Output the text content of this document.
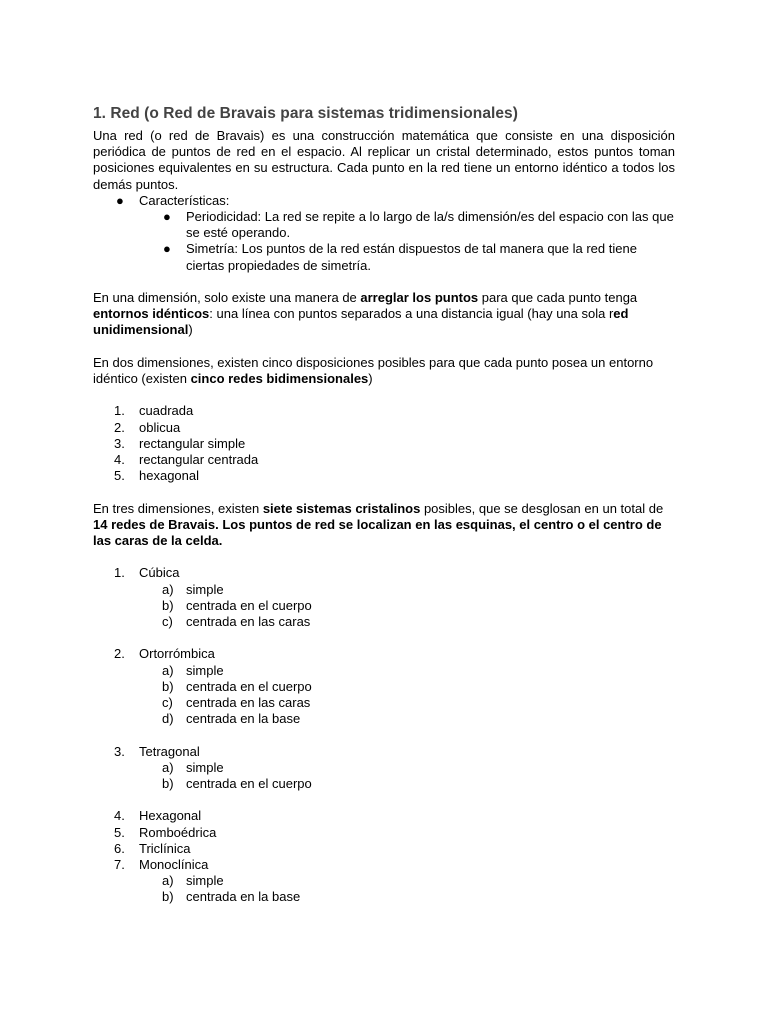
1. Red (o Red de Bravais para sistemas tridimensionales)

Una red (o red de Bravais) es una construcción matemática que consiste en una disposición periódica de puntos de red en el espacio. Al replicar un cristal determinado, estos puntos toman posiciones equivalentes en su estructura. Cada punto en la red tiene un entorno idéntico a todos los demás puntos.

● Características:
● Periodicidad: La red se repite a lo largo de la/s dimensión/es del espacio con las que se esté operando.
● Simetría: Los puntos de la red están dispuestos de tal manera que la red tiene ciertas propiedades de simetría.

En una dimensión, solo existe una manera de arreglar los puntos para que cada punto tenga entornos idénticos: una línea con puntos separados a una distancia igual (hay una sola red unidimensional)

En dos dimensiones, existen cinco disposiciones posibles para que cada punto posea un entorno idéntico (existen cinco redes bidimensionales)

1. cuadrada
2. oblicua
3. rectangular simple
4. rectangular centrada
5. hexagonal

En tres dimensiones, existen siete sistemas cristalinos posibles, que se desglosan en un total de 14 redes de Bravais. Los puntos de red se localizan en las esquinas, el centro o el centro de las caras de la celda.

1. Cúbica
a) simple
b) centrada en el cuerpo
c) centrada en las caras
2. Ortorrómbica
a) simple
b) centrada en el cuerpo
c) centrada en las caras
d) centrada en la base
3. Tetragonal
a) simple
b) centrada en el cuerpo
4. Hexagonal
5. Romboédrica
6. Triclínica
7. Monoclínica
a) simple
b) centrada en la base
